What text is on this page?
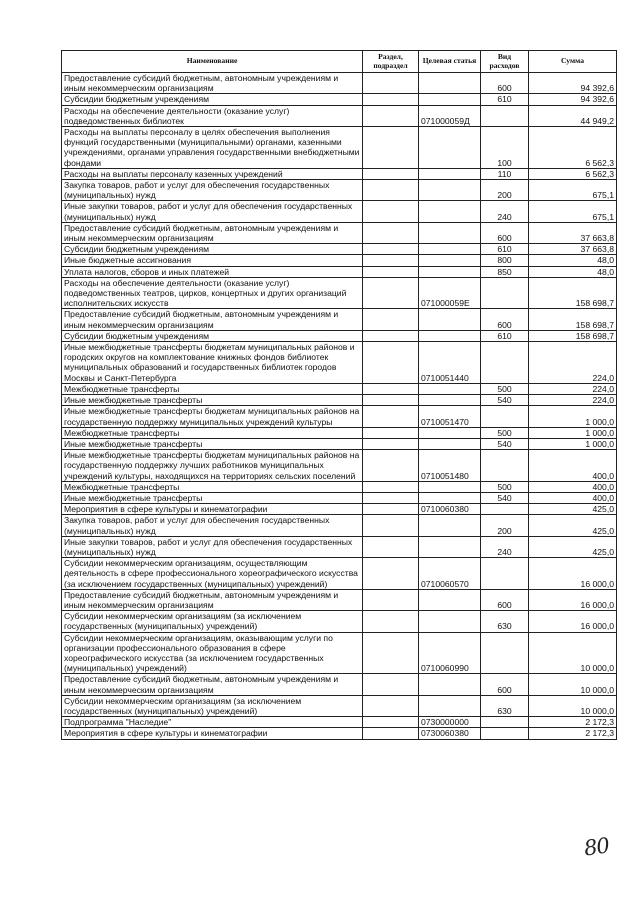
Наименование	Раздел, подраздел	Целевая статья	Вид расходов	Сумма
Предоставление субсидий бюджетным, автономным учреждениям и иным некоммерческим организациям			600	94 392,6
Субсидии бюджетным учреждениям			610	94 392,6
Расходы на обеспечение деятельности (оказание услуг) подведомственных библиотек		071000059Д		44 949,2
Расходы на выплаты персоналу в целях обеспечения выполнения функций государственными (муниципальными) органами, казенными учреждениями, органами управления государственными внебюджетными фондами			100	6 562,3
Расходы на выплаты персоналу казенных учреждений			110	6 562,3
Закупка товаров, работ и услуг для обеспечения государственных (муниципальных) нужд			200	675,1
Иные закупки товаров, работ и услуг для обеспечения государственных (муниципальных) нужд			240	675,1
Предоставление субсидий бюджетным, автономным учреждениям и иным некоммерческим организациям			600	37 663,8
Субсидии бюджетным учреждениям			610	37 663,8
Иные бюджетные ассигнования			800	48,0
Уплата налогов, сборов и иных платежей			850	48,0
Расходы на обеспечение деятельности (оказание услуг) подведомственных театров, цирков, концертных и других организаций исполнительских искусств		071000059Е		158 698,7
Предоставление субсидий бюджетным, автономным учреждениям и иным некоммерческим организациям			600	158 698,7
Субсидии бюджетным учреждениям			610	158 698,7
Иные межбюджетные трансферты бюджетам муниципальных районов и городских округов на комплектование книжных фондов библиотек муниципальных образований и государственных библиотек городов Москвы и Санкт-Петербурга		0710051440		224,0
Межбюджетные трансферты			500	224,0
Иные межбюджетные трансферты			540	224,0
Иные межбюджетные трансферты бюджетам муниципальных районов на государственную поддержку муниципальных учреждений культуры		0710051470		1 000,0
Межбюджетные трансферты			500	1 000,0
Иные межбюджетные трансферты			540	1 000,0
Иные межбюджетные трансферты бюджетам муниципальных районов на государственную поддержку лучших работников муниципальных учреждений культуры, находящихся на территориях сельских поселений		0710051480		400,0
Межбюджетные трансферты			500	400,0
Иные межбюджетные трансферты			540	400,0
Мероприятия в сфере культуры и кинематографии		0710060380		425,0
Закупка товаров, работ и услуг для обеспечения государственных (муниципальных) нужд			200	425,0
Иные закупки товаров, работ и услуг для обеспечения государственных (муниципальных) нужд			240	425,0
Субсидии некоммерческим организациям, осуществляющим деятельность в сфере профессионального хореографического искусства (за исключением государственных (муниципальных) учреждений)		0710060570		16 000,0
Предоставление субсидий бюджетным, автономным учреждениям и иным некоммерческим организациям			600	16 000,0
Субсидии некоммерческим организациям (за исключением государственных (муниципальных) учреждений)			630	16 000,0
Субсидии некоммерческим организациям, оказывающим услуги по организации профессионального образования в сфере хореографического искусства (за исключением государственных (муниципальных) учреждений)		0710060990		10 000,0
Предоставление субсидий бюджетным, автономным учреждениям и иным некоммерческим организациям			600	10 000,0
Субсидии некоммерческим организациям (за исключением государственных (муниципальных) учреждений)			630	10 000,0
Подпрограмма "Наследие"		0730000000		2 172,3
Мероприятия в сфере культуры и кинематографии		0730060380		2 172,3
80
